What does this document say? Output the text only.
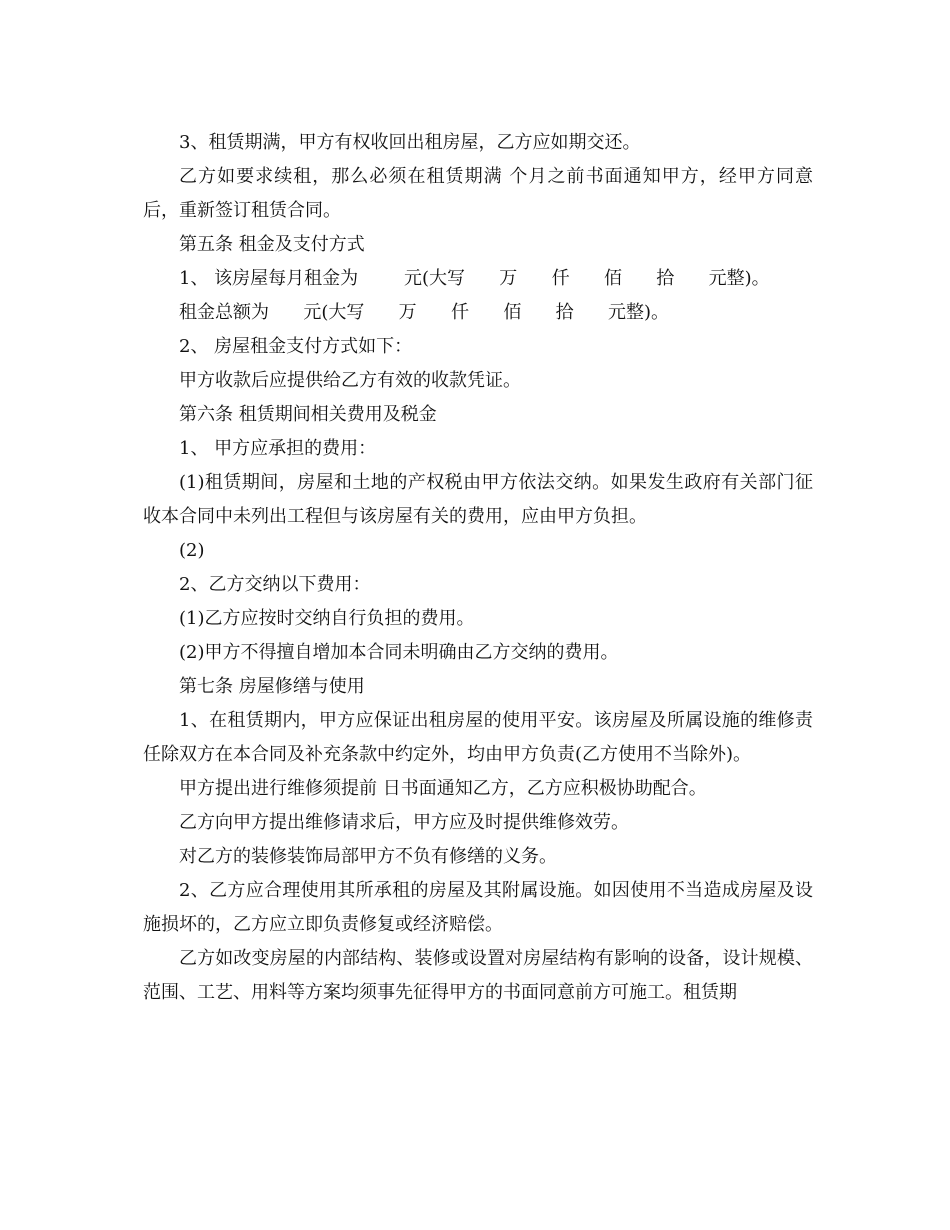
3、租赁期满，甲方有权收回出租房屋，乙方应如期交还。

乙方如要求续租，那么必须在租赁期满 个月之前书面通知甲方，经甲方同意后，重新签订租赁合同。

第五条 租金及支付方式

1、 该房屋每月租金为        元(大写      万      仟      佰      拾      元整)。

租金总额为      元(大写      万      仟      佰      拾      元整)。

2、 房屋租金支付方式如下：

甲方收款后应提供给乙方有效的收款凭证。

第六条 租赁期间相关费用及税金

1、 甲方应承担的费用：

(1)租赁期间，房屋和土地的产权税由甲方依法交纳。如果发生政府有关部门征收本合同中未列出工程但与该房屋有关的费用，应由甲方负担。

(2)

2、乙方交纳以下费用：

(1)乙方应按时交纳自行负担的费用。

(2)甲方不得擅自增加本合同未明确由乙方交纳的费用。

第七条 房屋修缮与使用

1、在租赁期内，甲方应保证出租房屋的使用平安。该房屋及所属设施的维修责任除双方在本合同及补充条款中约定外，均由甲方负责(乙方使用不当除外)。

甲方提出进行维修须提前 日书面通知乙方，乙方应积极协助配合。

乙方向甲方提出维修请求后，甲方应及时提供维修效劳。

对乙方的装修装饰局部甲方不负有修缮的义务。

2、乙方应合理使用其所承租的房屋及其附属设施。如因使用不当造成房屋及设施损坏的，乙方应立即负责修复或经济赔偿。

乙方如改变房屋的内部结构、装修或设置对房屋结构有影响的设备，设计规模、范围、工艺、用料等方案均须事先征得甲方的书面同意前方可施工。租赁期
